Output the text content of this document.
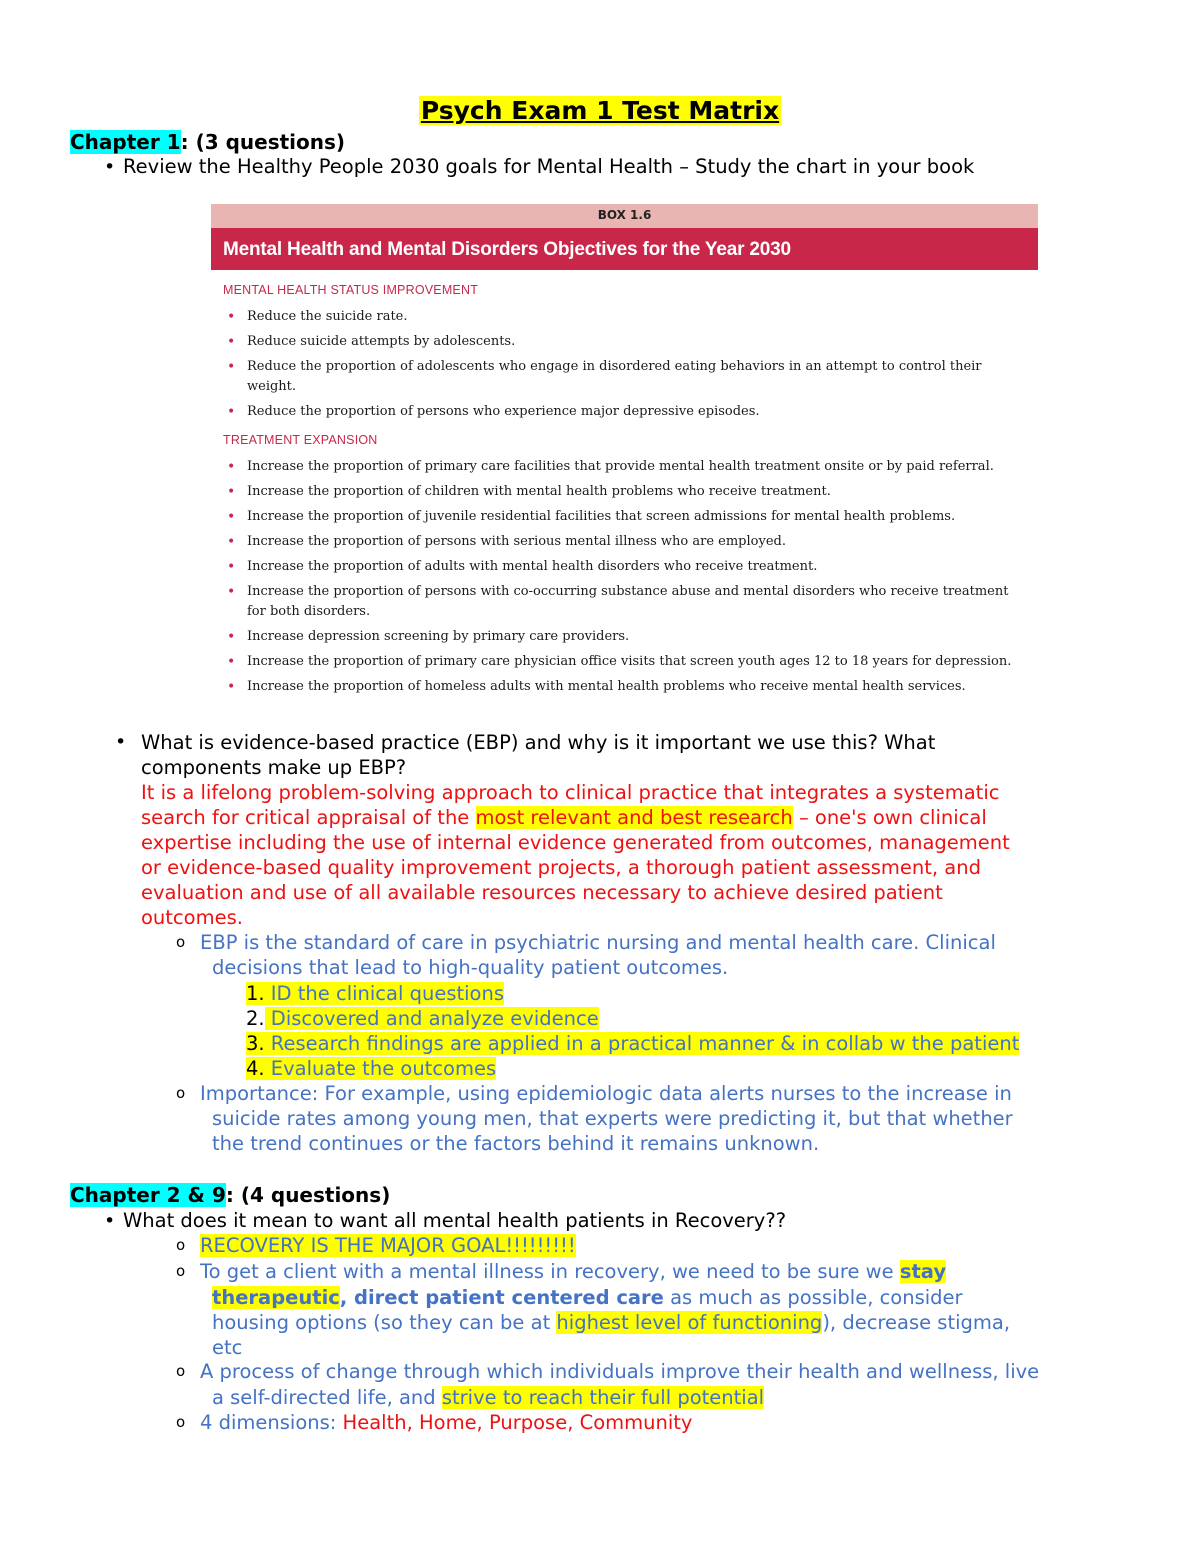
Psych Exam 1 Test Matrix
Chapter 1: (3 questions)
• Review the Healthy People 2030 goals for Mental Health – Study the chart in your book
BOX 1.6
Mental Health and Mental Disorders Objectives for the Year 2030
MENTAL HEALTH STATUS IMPROVEMENT
• Reduce the suicide rate.
• Reduce suicide attempts by adolescents.
• Reduce the proportion of adolescents who engage in disordered eating behaviors in an attempt to control their
weight.
• Reduce the proportion of persons who experience major depressive episodes.
TREATMENT EXPANSION
• Increase the proportion of primary care facilities that provide mental health treatment onsite or by paid referral.
• Increase the proportion of children with mental health problems who receive treatment.
• Increase the proportion of juvenile residential facilities that screen admissions for mental health problems.
• Increase the proportion of persons with serious mental illness who are employed.
• Increase the proportion of adults with mental health disorders who receive treatment.
• Increase the proportion of persons with co-occurring substance abuse and mental disorders who receive treatment
for both disorders.
• Increase depression screening by primary care providers.
• Increase the proportion of primary care physician office visits that screen youth ages 12 to 18 years for depression.
• Increase the proportion of homeless adults with mental health problems who receive mental health services.
• What is evidence-based practice (EBP) and why is it important we use this? What
components make up EBP?
It is a lifelong problem-solving approach to clinical practice that integrates a systematic
search for critical appraisal of the most relevant and best research – one's own clinical
expertise including the use of internal evidence generated from outcomes, management
or evidence-based quality improvement projects, a thorough patient assessment, and
evaluation and use of all available resources necessary to achieve desired patient
outcomes.
o EBP is the standard of care in psychiatric nursing and mental health care. Clinical
decisions that lead to high-quality patient outcomes.
1. ID the clinical questions
2. Discovered and analyze evidence
3. Research findings are applied in a practical manner & in collab w the patient
4. Evaluate the outcomes
o Importance: For example, using epidemiologic data alerts nurses to the increase in
suicide rates among young men, that experts were predicting it, but that whether
the trend continues or the factors behind it remains unknown.
Chapter 2 & 9: (4 questions)
• What does it mean to want all mental health patients in Recovery??
o RECOVERY IS THE MAJOR GOAL!!!!!!!!!
o To get a client with a mental illness in recovery, we need to be sure we stay
therapeutic, direct patient centered care as much as possible, consider
housing options (so they can be at highest level of functioning), decrease stigma,
etc
o A process of change through which individuals improve their health and wellness, live
a self-directed life, and strive to reach their full potential
o 4 dimensions: Health, Home, Purpose, Community
